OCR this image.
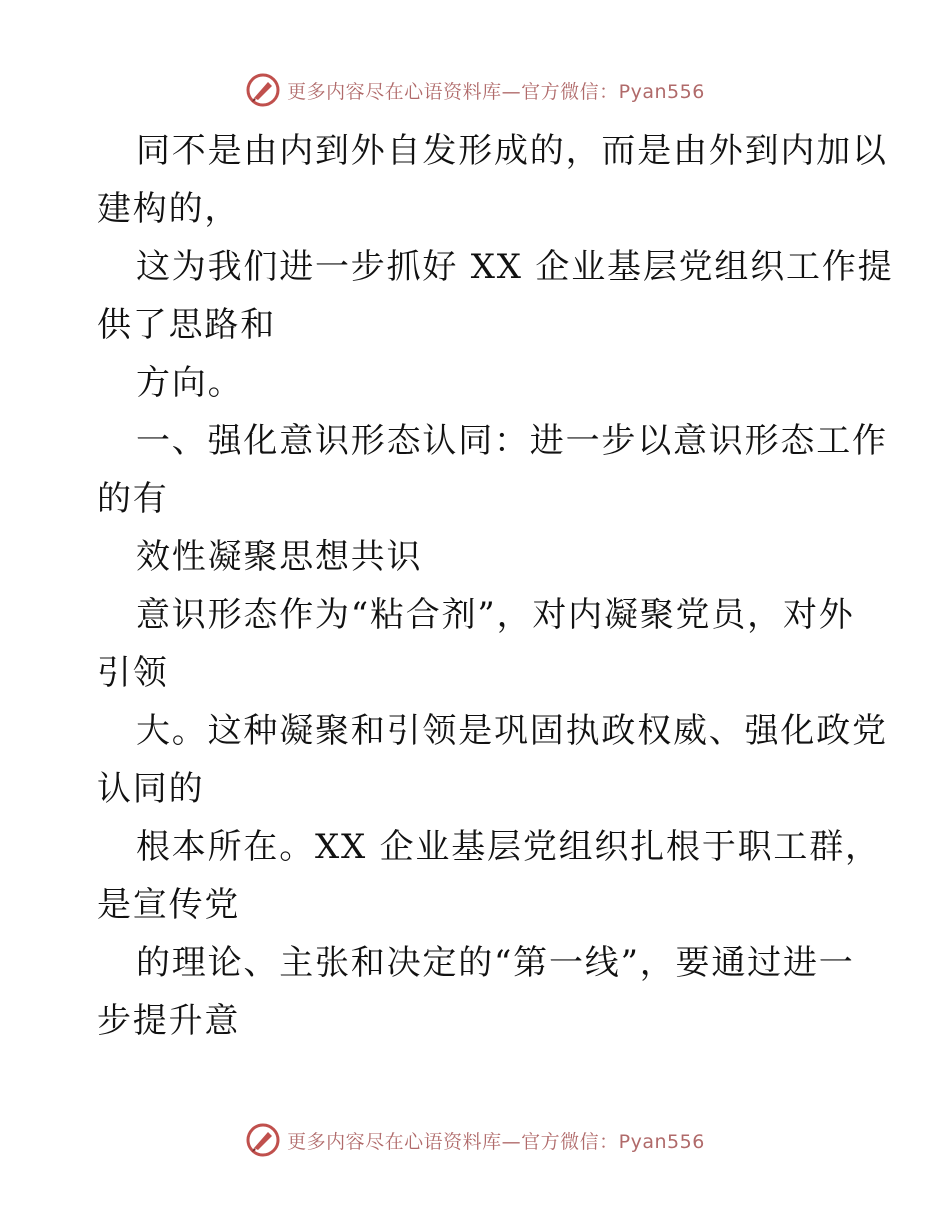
更多内容尽在心语资料库—官方微信：Pyan556
同不是由内到外自发形成的，而是由外到内加以
建构的，
这为我们进一步抓好 XX 企业基层党组织工作提
供了思路和
方向。
一、强化意识形态认同：进一步以意识形态工作
的有
效性凝聚思想共识
意识形态作为“粘合剂”，对内凝聚党员，对外
引领
大。这种凝聚和引领是巩固执政权威、强化政党
认同的
根本所在。XX 企业基层党组织扎根于职工群，
是宣传党
的理论、主张和决定的“第一线”，要通过进一
步提升意
更多内容尽在心语资料库—官方微信：Pyan556
